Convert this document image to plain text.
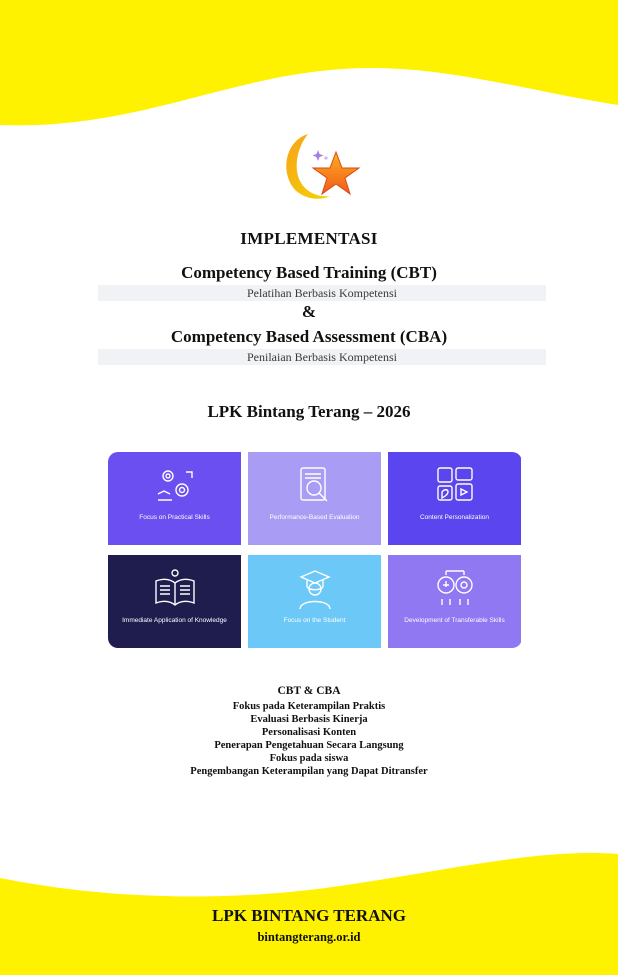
IMPLEMENTASI
Competency Based Training (CBT)
Pelatihan Berbasis Kompetensi
&
Competency Based Assessment (CBA)
Penilaian Berbasis Kompetensi
LPK Bintang Terang – 2026
Focus on Practical Skills	Performance-Based Evaluation	Content Personalization
Immediate Application of Knowledge	Focus on the Student	Development of Transferable Skills
CBT & CBA
Fokus pada Keterampilan Praktis
Evaluasi Berbasis Kinerja
Personalisasi Konten
Penerapan Pengetahuan Secara Langsung
Fokus pada siswa
Pengembangan Keterampilan yang Dapat Ditransfer
LPK BINTANG TERANG
bintangterang.or.id
